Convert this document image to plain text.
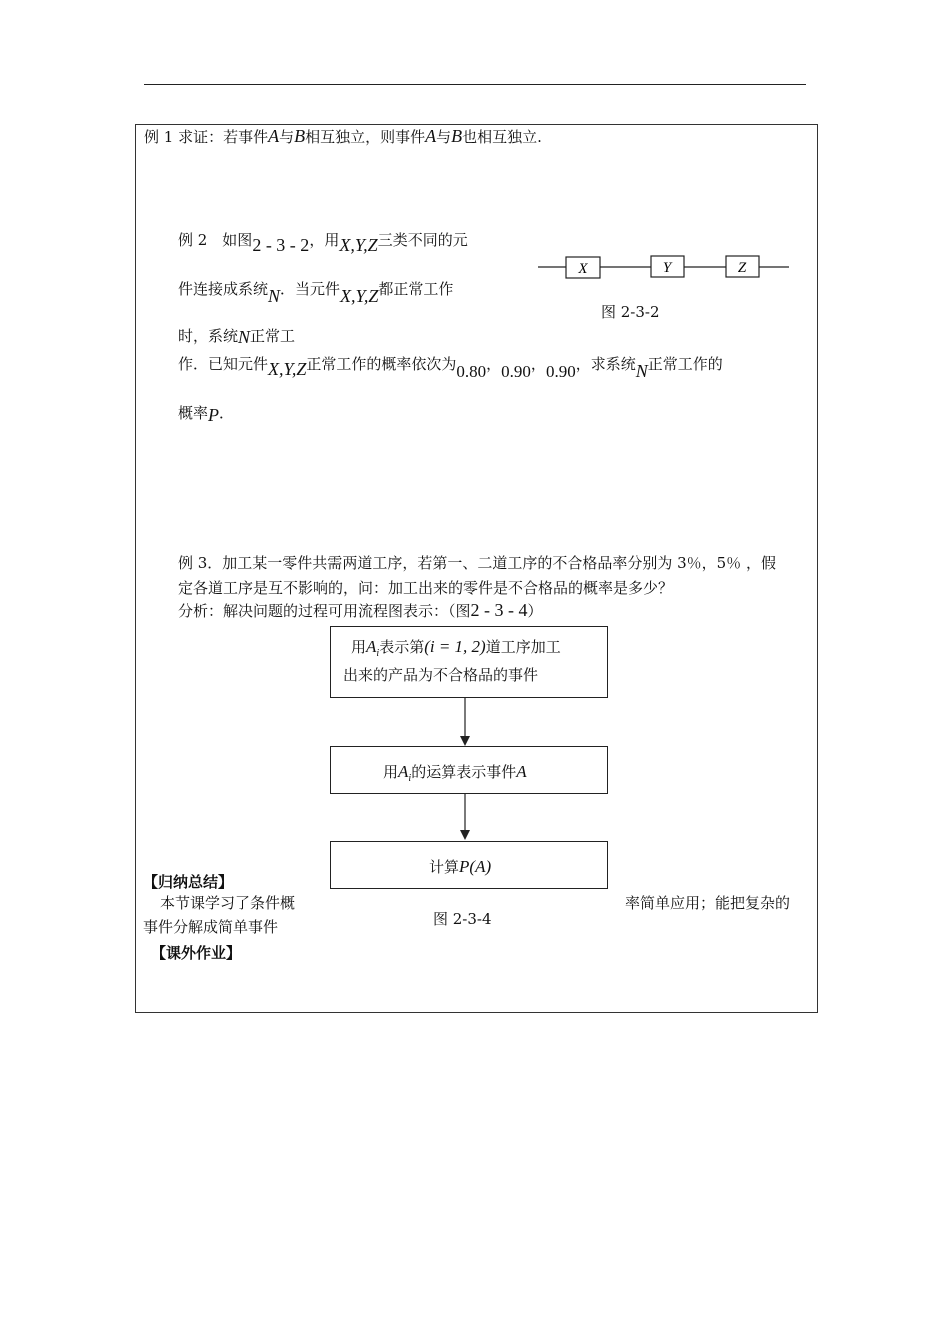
例 1 求证：若事件A与B相互独立，则事件A与B也相互独立.
例 2　如图2 - 3 - 2，用X,Y,Z三类不同的元
件连接成系统N．当元件X,Y,Z都正常工作
时，系统N正常工
作．已知元件X,Y,Z正常工作的概率依次为0.80，0.90，0.90，求系统N正常工作的
概率P．
X	Y	Z
图 2-3-2
例 3．加工某一零件共需两道工序，若第一、二道工序的不合格品率分别为 3％，5％ ，假
定各道工序是互不影响的，问：加工出来的零件是不合格品的概率是多少？
分析：解决问题的过程可用流程图表示：（图2 - 3 - 4）
用$A_i$表示第(i = 1, 2)道工序加工
出来的产品为不合格品的事件
用$A_i$的运算表示事件A
计算P(A)
图 2-3-4
【归纳总结】
本节课学习了条件概	率简单应用；能把复杂的
事件分解成简单事件
【课外作业】
